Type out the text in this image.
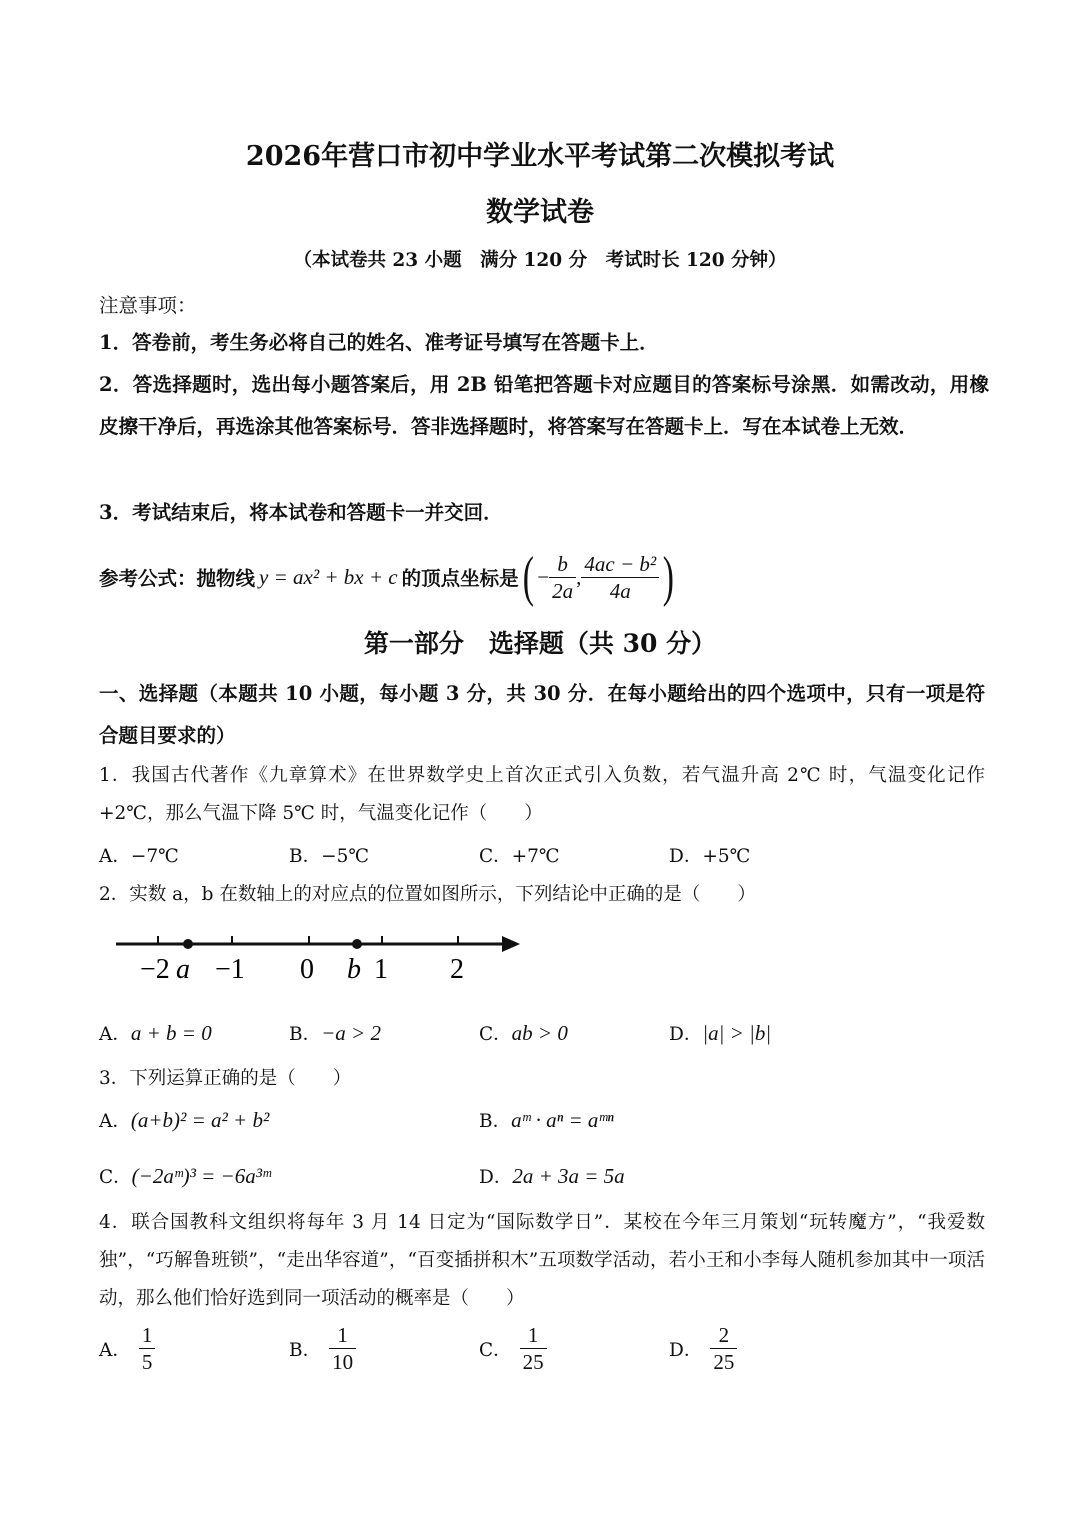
2026年营口市初中学业水平考试第二次模拟考试
数学试卷
（本试卷共 23 小题　满分 120 分　考试时长 120 分钟）
注意事项：
1．答卷前，考生务必将自己的姓名、准考证号填写在答题卡上．
2．答选择题时，选出每小题答案后，用 2B 铅笔把答题卡对应题目的答案标号涂黑．如需改动，用橡皮擦干净后，再选涂其他答案标号．答非选择题时，将答案写在答题卡上．写在本试卷上无效．
3．考试结束后，将本试卷和答题卡一并交回．
参考公式：抛物线 y = ax² + bx + c 的顶点坐标是 ( − $\frac{b}{2a}$ , $\frac{\text{4ac − b²}}{4a}$ )
第一部分　选择题（共 30 分）
一、选择题（本题共 10 小题，每小题 3 分，共 30 分．在每小题给出的四个选项中，只有一项是符合题目要求的）
1．我国古代著作《九章算术》在世界数学史上首次正式引入负数，若气温升高 2℃ 时，气温变化记作 +2℃，那么气温下降 5℃ 时，气温变化记作（　　）
A．−7℃	B．−5℃	C．+7℃	D．+5℃
2．实数 a，b 在数轴上的对应点的位置如图所示，下列结论中正确的是（　　）
−2 a −1 0 b 1 2
A．a + b = 0	B．−a > 2	C．ab > 0	D．|a| > |b|
3．下列运算正确的是（　　）
A．(a+b)² = a² + b²	B．aᵐ · aⁿ = aᵐⁿ
C．(−2aᵐ)³ = −6a³ᵐ	D．2a + 3a = 5a
4．联合国教科文组织将每年 3 月 14 日定为“国际数学日”．某校在今年三月策划“玩转魔方”，“我爱数独”，“巧解鲁班锁”，“走出华容道”，“百变插拼积木”五项数学活动，若小王和小李每人随机参加其中一项活动，那么他们恰好选到同一项活动的概率是（　　）
A． $\frac{1}{5}$	B． $\frac{1}{10}$	C． $\frac{1}{25}$	D． $\frac{2}{25}$
